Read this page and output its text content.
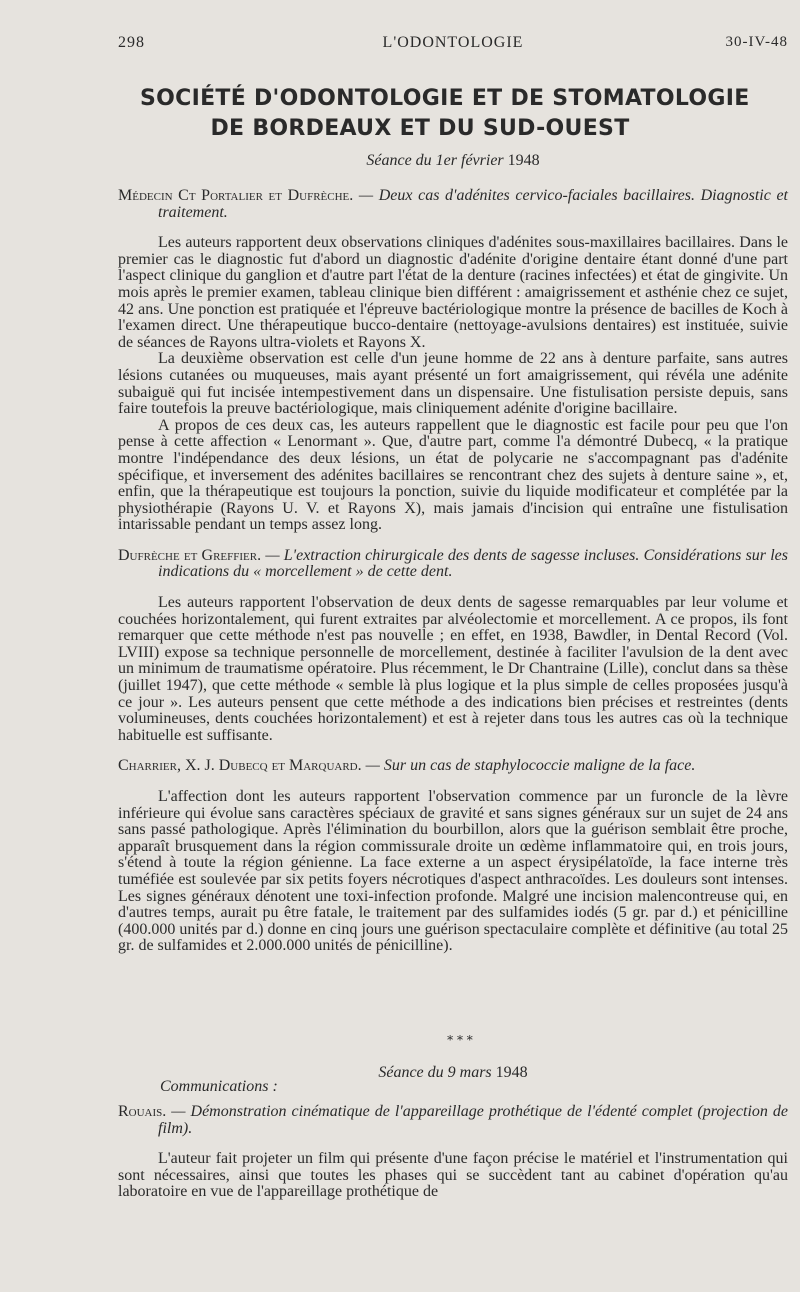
298	L'ODONTOLOGIE	30-IV-48
SOCIÉTÉ D'ODONTOLOGIE ET DE STOMATOLOGIE
DE BORDEAUX ET DU SUD-OUEST
Séance du 1er février 1948
Médecin Ct Portalier et Dufrèche. — Deux cas d'adénites cervico-faciales bacillaires. Diagnostic et traitement.

Les auteurs rapportent deux observations cliniques d'adénites sous-maxillaires bacillaires. Dans le premier cas le diagnostic fut d'abord un diagnostic d'adénite d'origine dentaire étant donné d'une part l'aspect clinique du ganglion et d'autre part l'état de la denture (racines infectées) et état de gingivite. Un mois après le premier examen, tableau clinique bien différent : amaigrissement et asthénie chez ce sujet, 42 ans. Une ponction est pratiquée et l'épreuve bactériologique montre la présence de bacilles de Koch à l'examen direct. Une thérapeutique bucco-dentaire (nettoyage-avulsions dentaires) est instituée, suivie de séances de Rayons ultra-violets et Rayons X.

La deuxième observation est celle d'un jeune homme de 22 ans à denture parfaite, sans autres lésions cutanées ou muqueuses, mais ayant présenté un fort amaigrissement, qui révéla une adénite subaiguë qui fut incisée intempestivement dans un dispensaire. Une fistulisation persiste depuis, sans faire toutefois la preuve bactériologique, mais cliniquement adénite d'origine bacillaire.

A propos de ces deux cas, les auteurs rappellent que le diagnostic est facile pour peu que l'on pense à cette affection « Lenormant ». Que, d'autre part, comme l'a démontré Dubecq, « la pratique montre l'indépendance des deux lésions, un état de polycarie ne s'accompagnant pas d'adénite spécifique, et inversement des adénites bacillaires se rencontrant chez des sujets à denture saine », et, enfin, que la thérapeutique est toujours la ponction, suivie du liquide modificateur et complétée par la physiothérapie (Rayons U. V. et Rayons X), mais jamais d'incision qui entraîne une fistulisation intarissable pendant un temps assez long.

Dufrèche et Greffier. — L'extraction chirurgicale des dents de sagesse incluses. Considérations sur les indications du « morcellement » de cette dent.

Les auteurs rapportent l'observation de deux dents de sagesse remarquables par leur volume et couchées horizontalement, qui furent extraites par alvéolectomie et morcellement. A ce propos, ils font remarquer que cette méthode n'est pas nouvelle ; en effet, en 1938, Bawdler, in Dental Record (Vol. LVIII) expose sa technique personnelle de morcellement, destinée à faciliter l'avulsion de la dent avec un minimum de traumatisme opératoire. Plus récemment, le Dr Chantraine (Lille), conclut dans sa thèse (juillet 1947), que cette méthode « semble là plus logique et la plus simple de celles proposées jusqu'à ce jour ». Les auteurs pensent que cette méthode a des indications bien précises et restreintes (dents volumineuses, dents couchées horizontalement) et est à rejeter dans tous les autres cas où la technique habituelle est suffisante.

Charrier, X. J. Dubecq et Marquard. — Sur un cas de staphylococcie maligne de la face.

L'affection dont les auteurs rapportent l'observation commence par un furoncle de la lèvre inférieure qui évolue sans caractères spéciaux de gravité et sans signes généraux sur un sujet de 24 ans sans passé pathologique. Après l'élimination du bourbillon, alors que la guérison semblait être proche, apparaît brusquement dans la région commissurale droite un œdème inflammatoire qui, en trois jours, s'étend à toute la région génienne. La face externe a un aspect érysipélatoïde, la face interne très tuméfiée est soulevée par six petits foyers nécrotiques d'aspect anthracoïdes. Les douleurs sont intenses. Les signes généraux dénotent une toxi-infection profonde. Malgré une incision malencontreuse qui, en d'autres temps, aurait pu être fatale, le traitement par des sulfamides iodés (5 gr. par d.) et pénicilline (400.000 unités par d.) donne en cinq jours une guérison spectaculaire complète et définitive (au total 25 gr. de sulfamides et 2.000.000 unités de pénicilline).

* * *
Séance du 9 mars 1948
Communications :
Rouais. — Démonstration cinématique de l'appareillage prothétique de l'édenté complet (projection de film).

L'auteur fait projeter un film qui présente d'une façon précise le matériel et l'instrumentation qui sont nécessaires, ainsi que toutes les phases qui se succèdent tant au cabinet d'opération qu'au laboratoire en vue de l'appareillage prothétique de
